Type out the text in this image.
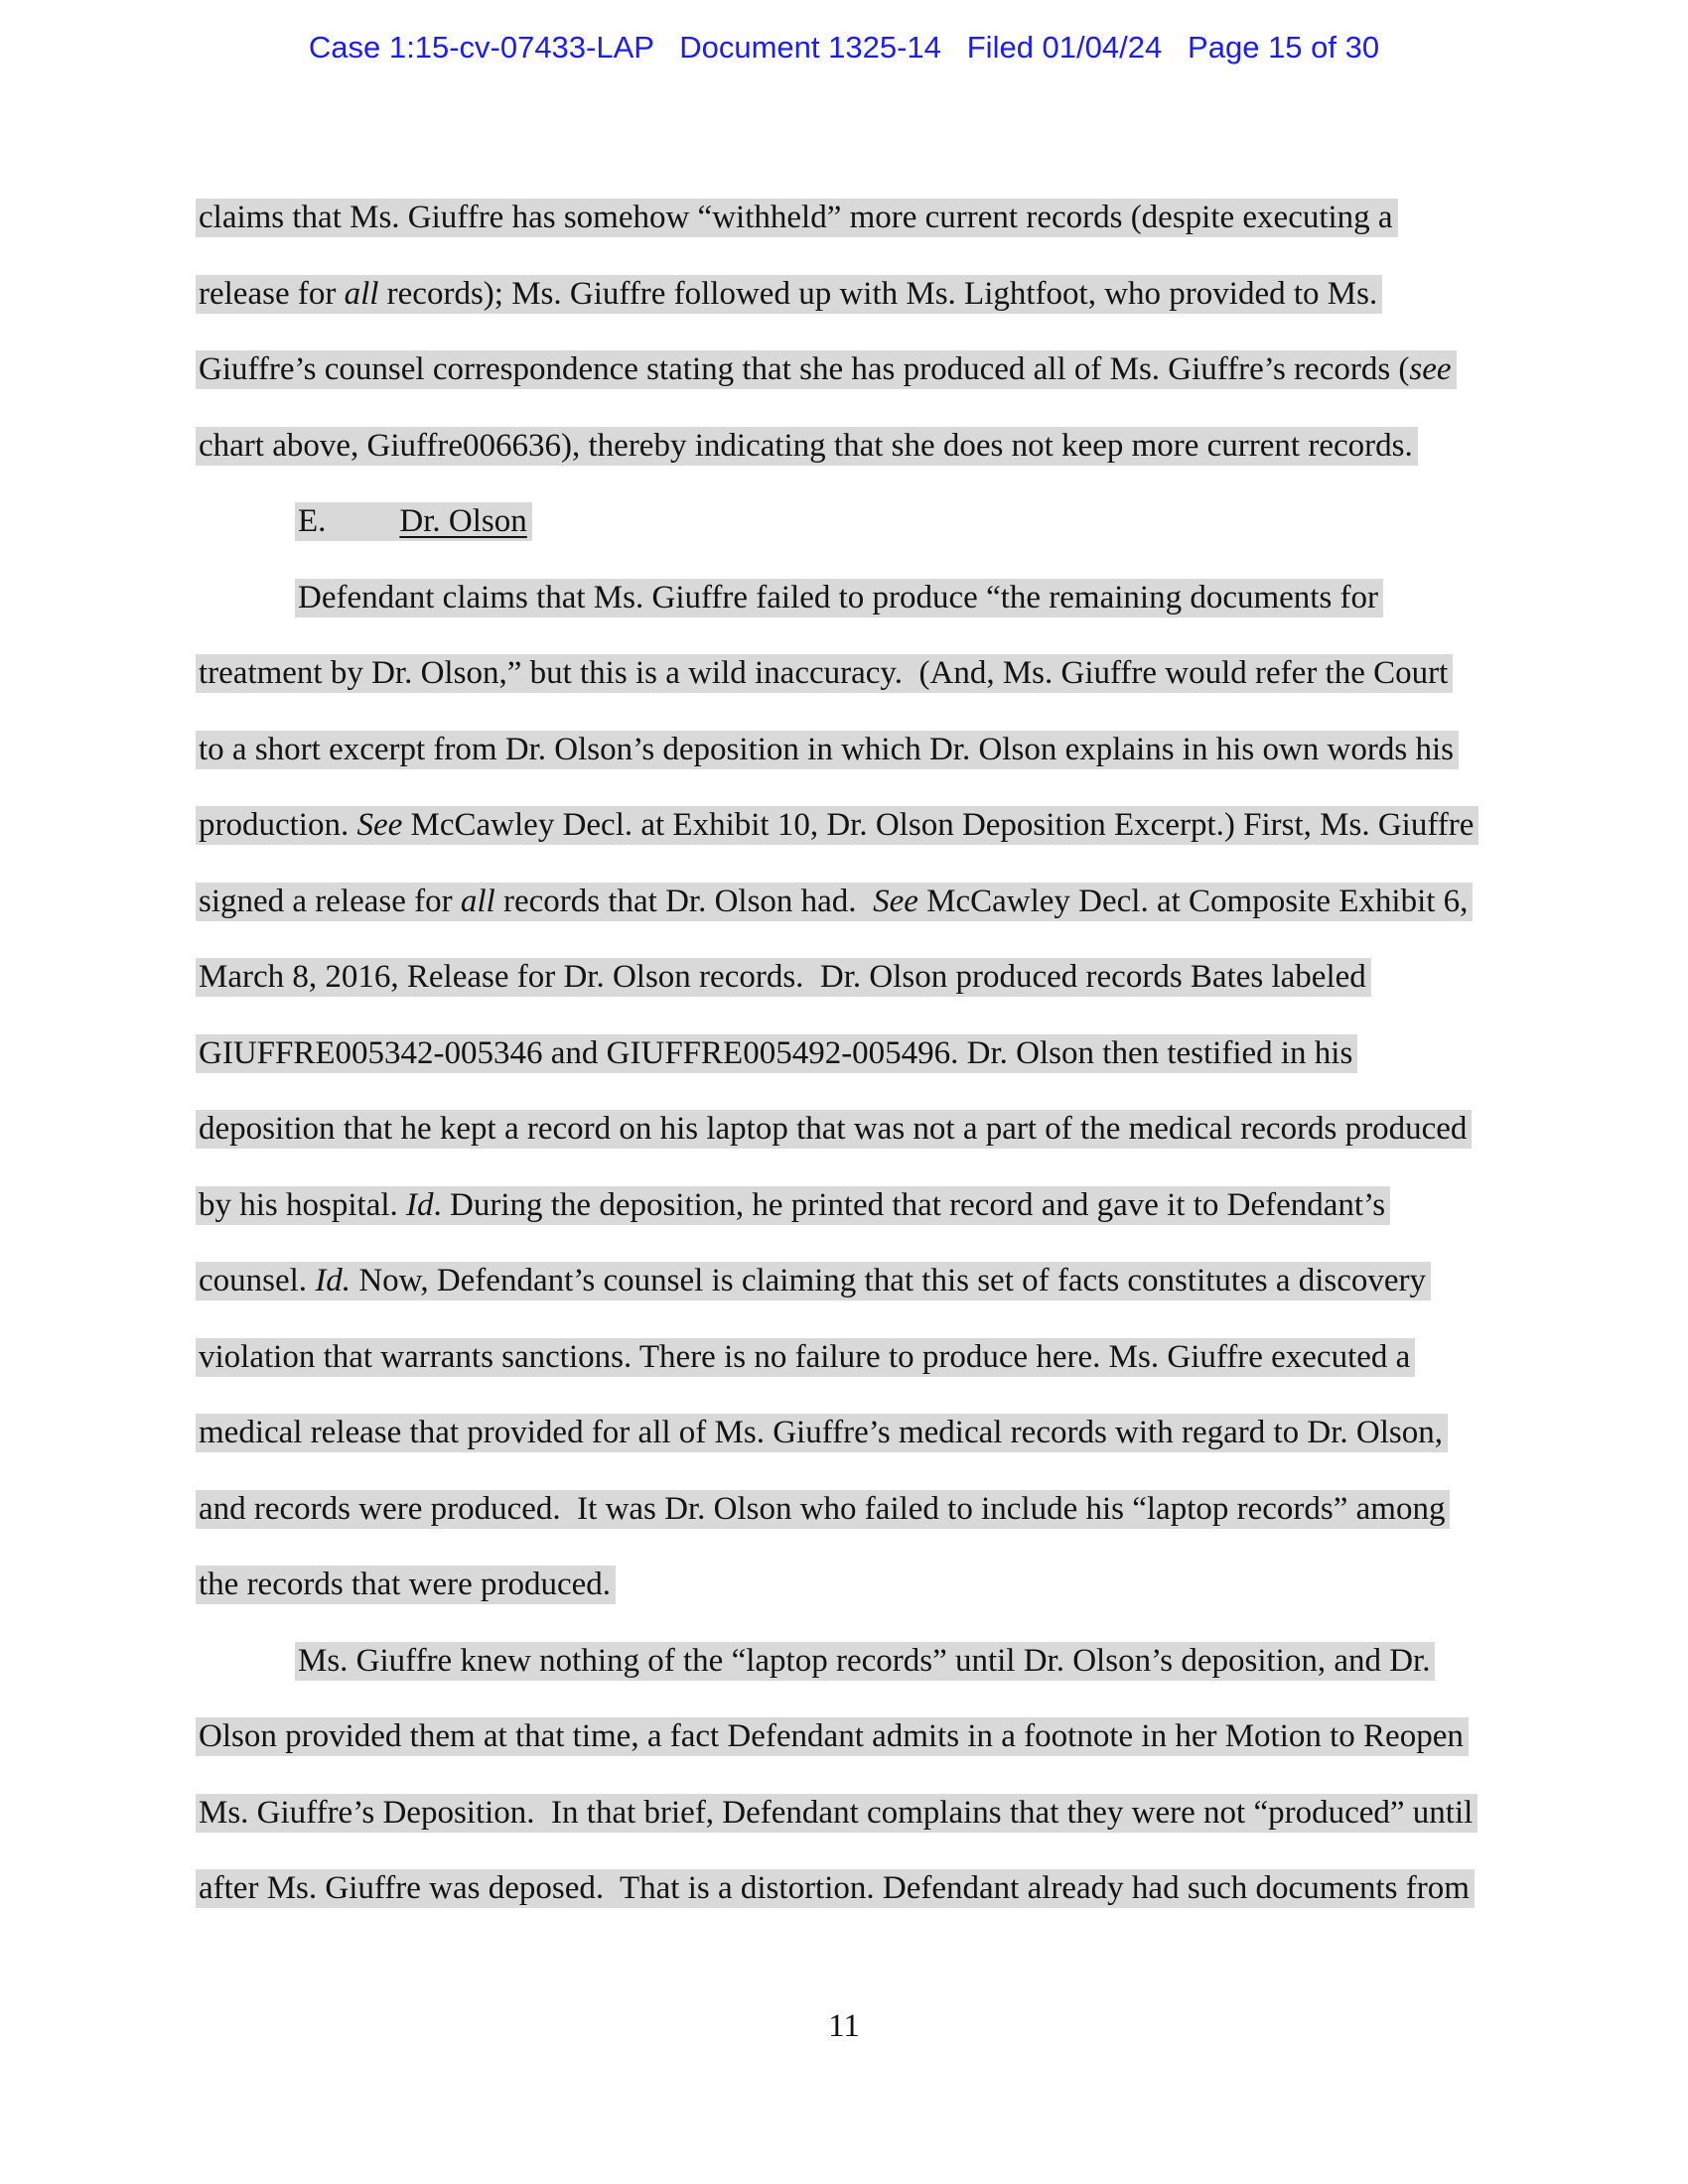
Case 1:15-cv-07433-LAP   Document 1325-14   Filed 01/04/24   Page 15 of 30
claims that Ms. Giuffre has somehow “withheld” more current records (despite executing a
release for all records); Ms. Giuffre followed up with Ms. Lightfoot, who provided to Ms.
Giuffre’s counsel correspondence stating that she has produced all of Ms. Giuffre’s records (see
chart above, Giuffre006636), thereby indicating that she does not keep more current records.
E. Dr. Olson
Defendant claims that Ms. Giuffre failed to produce “the remaining documents for
treatment by Dr. Olson,” but this is a wild inaccuracy.  (And, Ms. Giuffre would refer the Court
to a short excerpt from Dr. Olson’s deposition in which Dr. Olson explains in his own words his
production. See McCawley Decl. at Exhibit 10, Dr. Olson Deposition Excerpt.) First, Ms. Giuffre
signed a release for all records that Dr. Olson had.  See McCawley Decl. at Composite Exhibit 6,
March 8, 2016, Release for Dr. Olson records.  Dr. Olson produced records Bates labeled
GIUFFRE005342-005346 and GIUFFRE005492-005496. Dr. Olson then testified in his
deposition that he kept a record on his laptop that was not a part of the medical records produced
by his hospital. Id. During the deposition, he printed that record and gave it to Defendant’s
counsel. Id. Now, Defendant’s counsel is claiming that this set of facts constitutes a discovery
violation that warrants sanctions. There is no failure to produce here. Ms. Giuffre executed a
medical release that provided for all of Ms. Giuffre’s medical records with regard to Dr. Olson,
and records were produced.  It was Dr. Olson who failed to include his “laptop records” among
the records that were produced.
Ms. Giuffre knew nothing of the “laptop records” until Dr. Olson’s deposition, and Dr.
Olson provided them at that time, a fact Defendant admits in a footnote in her Motion to Reopen
Ms. Giuffre’s Deposition.  In that brief, Defendant complains that they were not “produced” until
after Ms. Giuffre was deposed.  That is a distortion. Defendant already had such documents from
11
